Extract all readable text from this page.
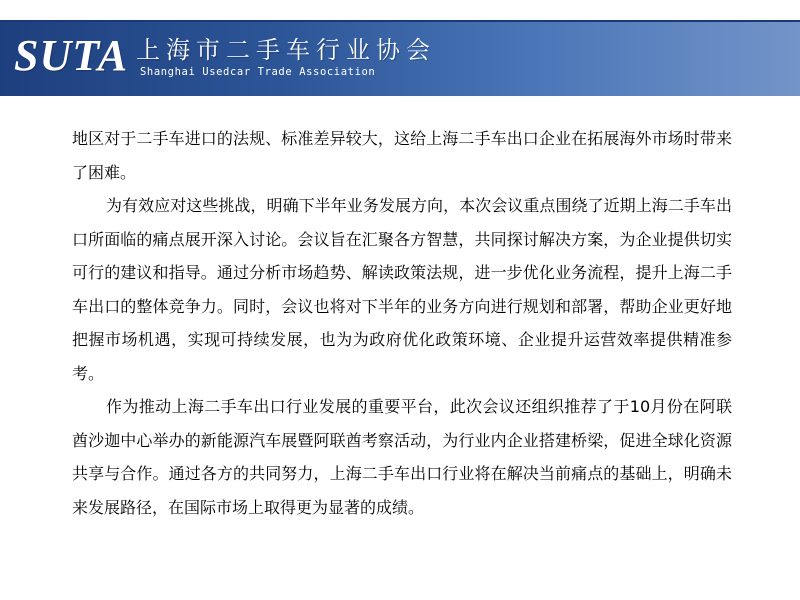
SUTA 上海市二手车行业协会
Shanghai Usedcar Trade Association

地区对于二手车进口的法规、标准差异较大，这给上海二手车出口企业在拓展海外市场时带来了困难。

为有效应对这些挑战，明确下半年业务发展方向，本次会议重点围绕了近期上海二手车出口所面临的痛点展开深入讨论。会议旨在汇聚各方智慧，共同探讨解决方案，为企业提供切实可行的建议和指导。通过分析市场趋势、解读政策法规，进一步优化业务流程，提升上海二手车出口的整体竞争力。同时，会议也将对下半年的业务方向进行规划和部署，帮助企业更好地把握市场机遇，实现可持续发展，也为为政府优化政策环境、企业提升运营效率提供精准参考。

作为推动上海二手车出口行业发展的重要平台，此次会议还组织推荐了于10月份在阿联酋沙迦中心举办的新能源汽车展暨阿联酋考察活动，为行业内企业搭建桥梁，促进全球化资源共享与合作。通过各方的共同努力，上海二手车出口行业将在解决当前痛点的基础上，明确未来发展路径，在国际市场上取得更为显著的成绩。
